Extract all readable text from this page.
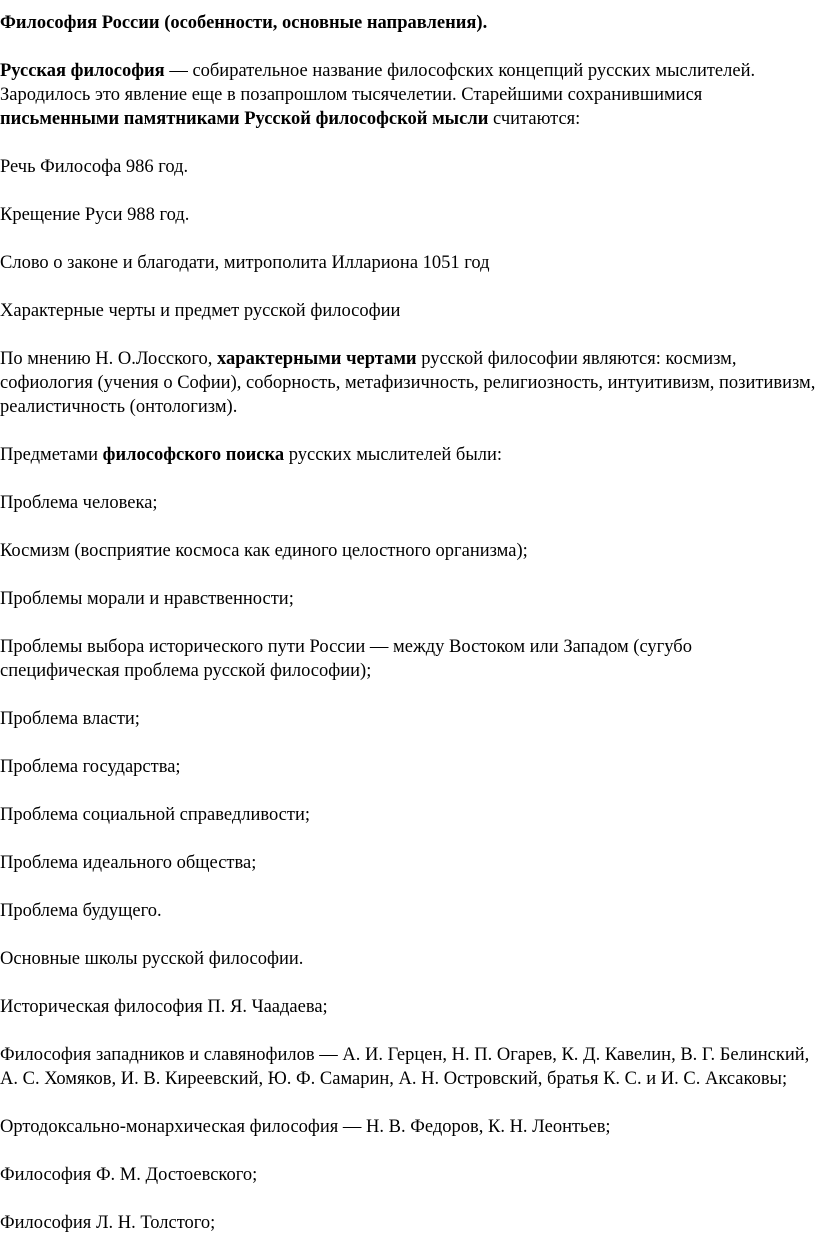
Философия России (особенности, основные направления).

Русская философия — собирательное название философских концепций русских мыслителей. Зародилось это явление еще в позапрошлом тысячелетии. Старейшими сохранившимися письменными памятниками Русской философской мысли считаются:

Речь Философа 986 год.

Крещение Руси 988 год.

Слово о законе и благодати, митрополита Иллариона 1051 год

Характерные черты и предмет русской философии

По мнению Н. О.Лосского, характерными чертами русской философии являются: космизм, софиология (учения о Софии), соборность, метафизичность, религиозность, интуитивизм, позитивизм, реалистичность (онтологизм).

Предметами философского поиска русских мыслителей были:

Проблема человека;

Космизм (восприятие космоса как единого целостного организма);

Проблемы морали и нравственности;

Проблемы выбора исторического пути России — между Востоком или Западом (сугубо специфическая проблема русской философии);

Проблема власти;

Проблема государства;

Проблема социальной справедливости;

Проблема идеального общества;

Проблема будущего.

Основные школы русской философии.

Историческая философия П. Я. Чаадаева;

Философия западников и славянофилов — А. И. Герцен, Н. П. Огарев, К. Д. Кавелин, В. Г. Белинский, А. С. Хомяков, И. В. Киреевский, Ю. Ф. Самарин, А. Н. Островский, братья К. С. и И. С. Аксаковы;

Ортодоксально-монархическая философия — Н. В. Федоров, К. Н. Леонтьев;

Философия Ф. М. Достоевского;

Философия Л. Н. Толстого;
